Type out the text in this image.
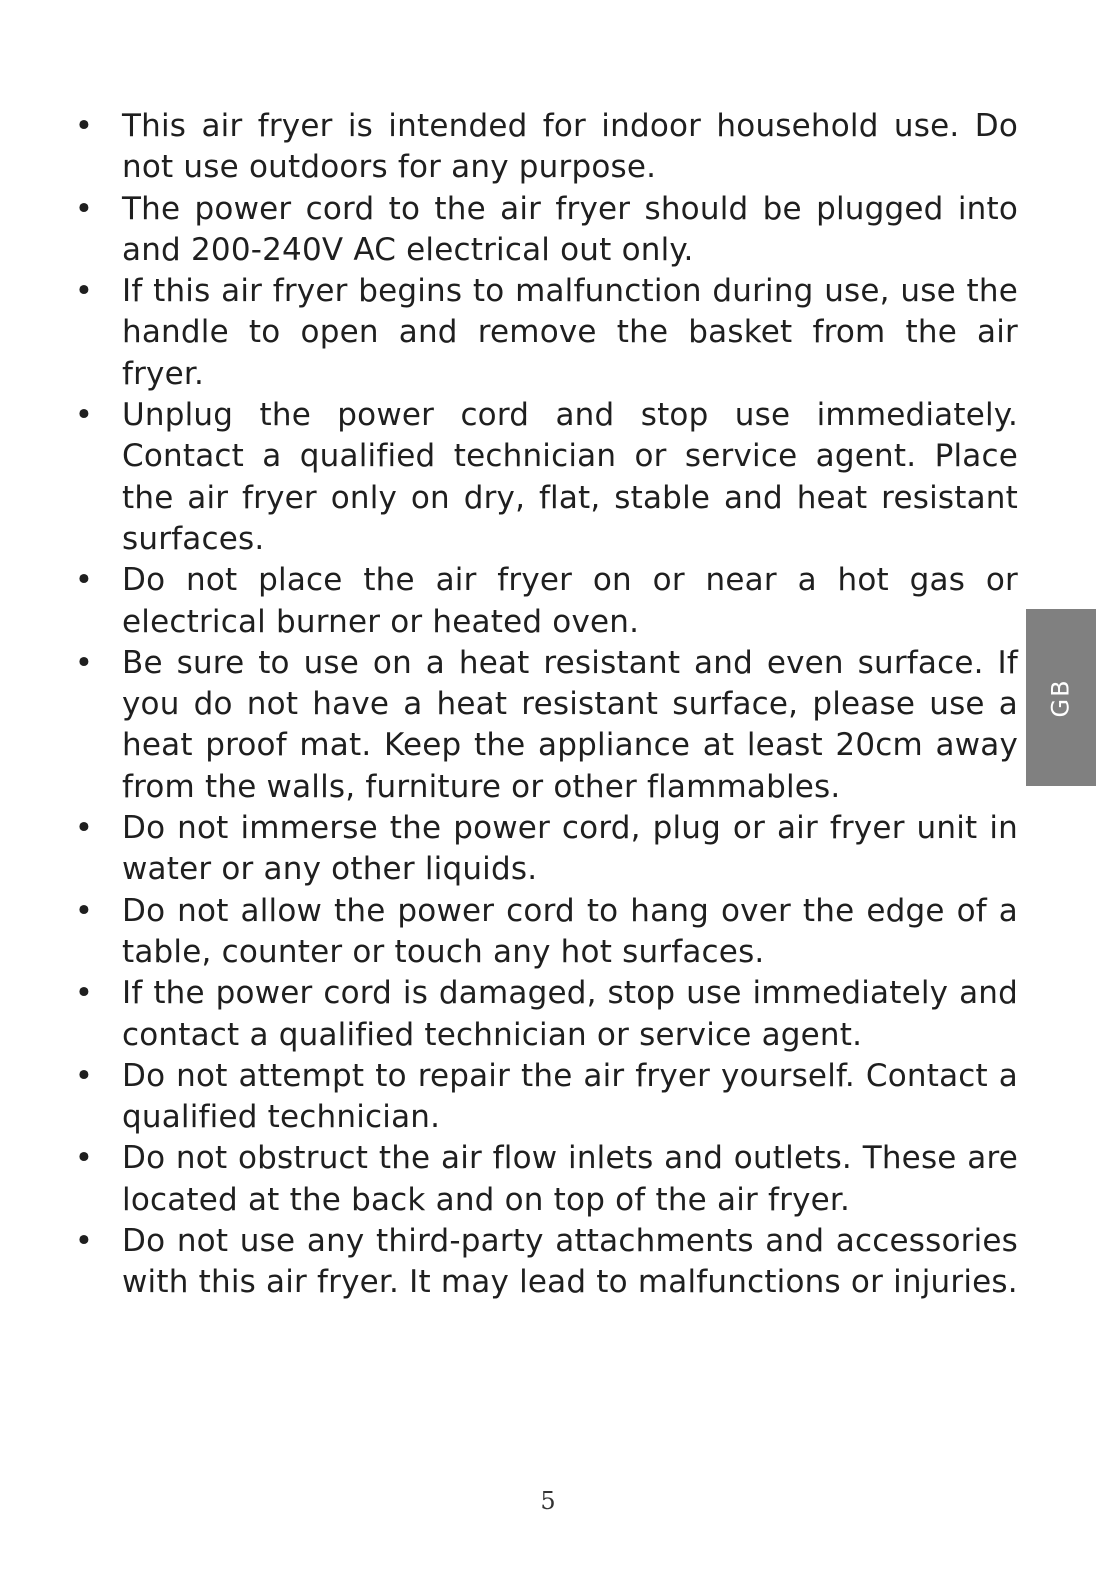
• This air fryer is intended for indoor household use. Do not use outdoors for any purpose.
• The power cord to the air fryer should be plugged into and 200-240V AC electrical out only.
• If this air fryer begins to malfunction during use, use the handle to open and remove the basket from the air fryer.
• Unplug the power cord and stop use immediately. Contact a qualified technician or service agent. Place the air fryer only on dry, flat, stable and heat resistant surfaces.
• Do not place the air fryer on or near a hot gas or electrical burner or heated oven.
• Be sure to use on a heat resistant and even surface. If you do not have a heat resistant surface, please use a heat proof mat. Keep the appliance at least 20cm away from the walls, furniture or other flammables.
• Do not immerse the power cord, plug or air fryer unit in water or any other liquids.
• Do not allow the power cord to hang over the edge of a table, counter or touch any hot surfaces.
• If the power cord is damaged, stop use immediately and contact a qualified technician or service agent.
• Do not attempt to repair the air fryer yourself. Contact a qualified technician.
• Do not obstruct the air flow inlets and outlets. These are located at the back and on top of the air fryer.
• Do not use any third-party attachments and accessories with this air fryer. It may lead to malfunctions or injuries.
GB
5
